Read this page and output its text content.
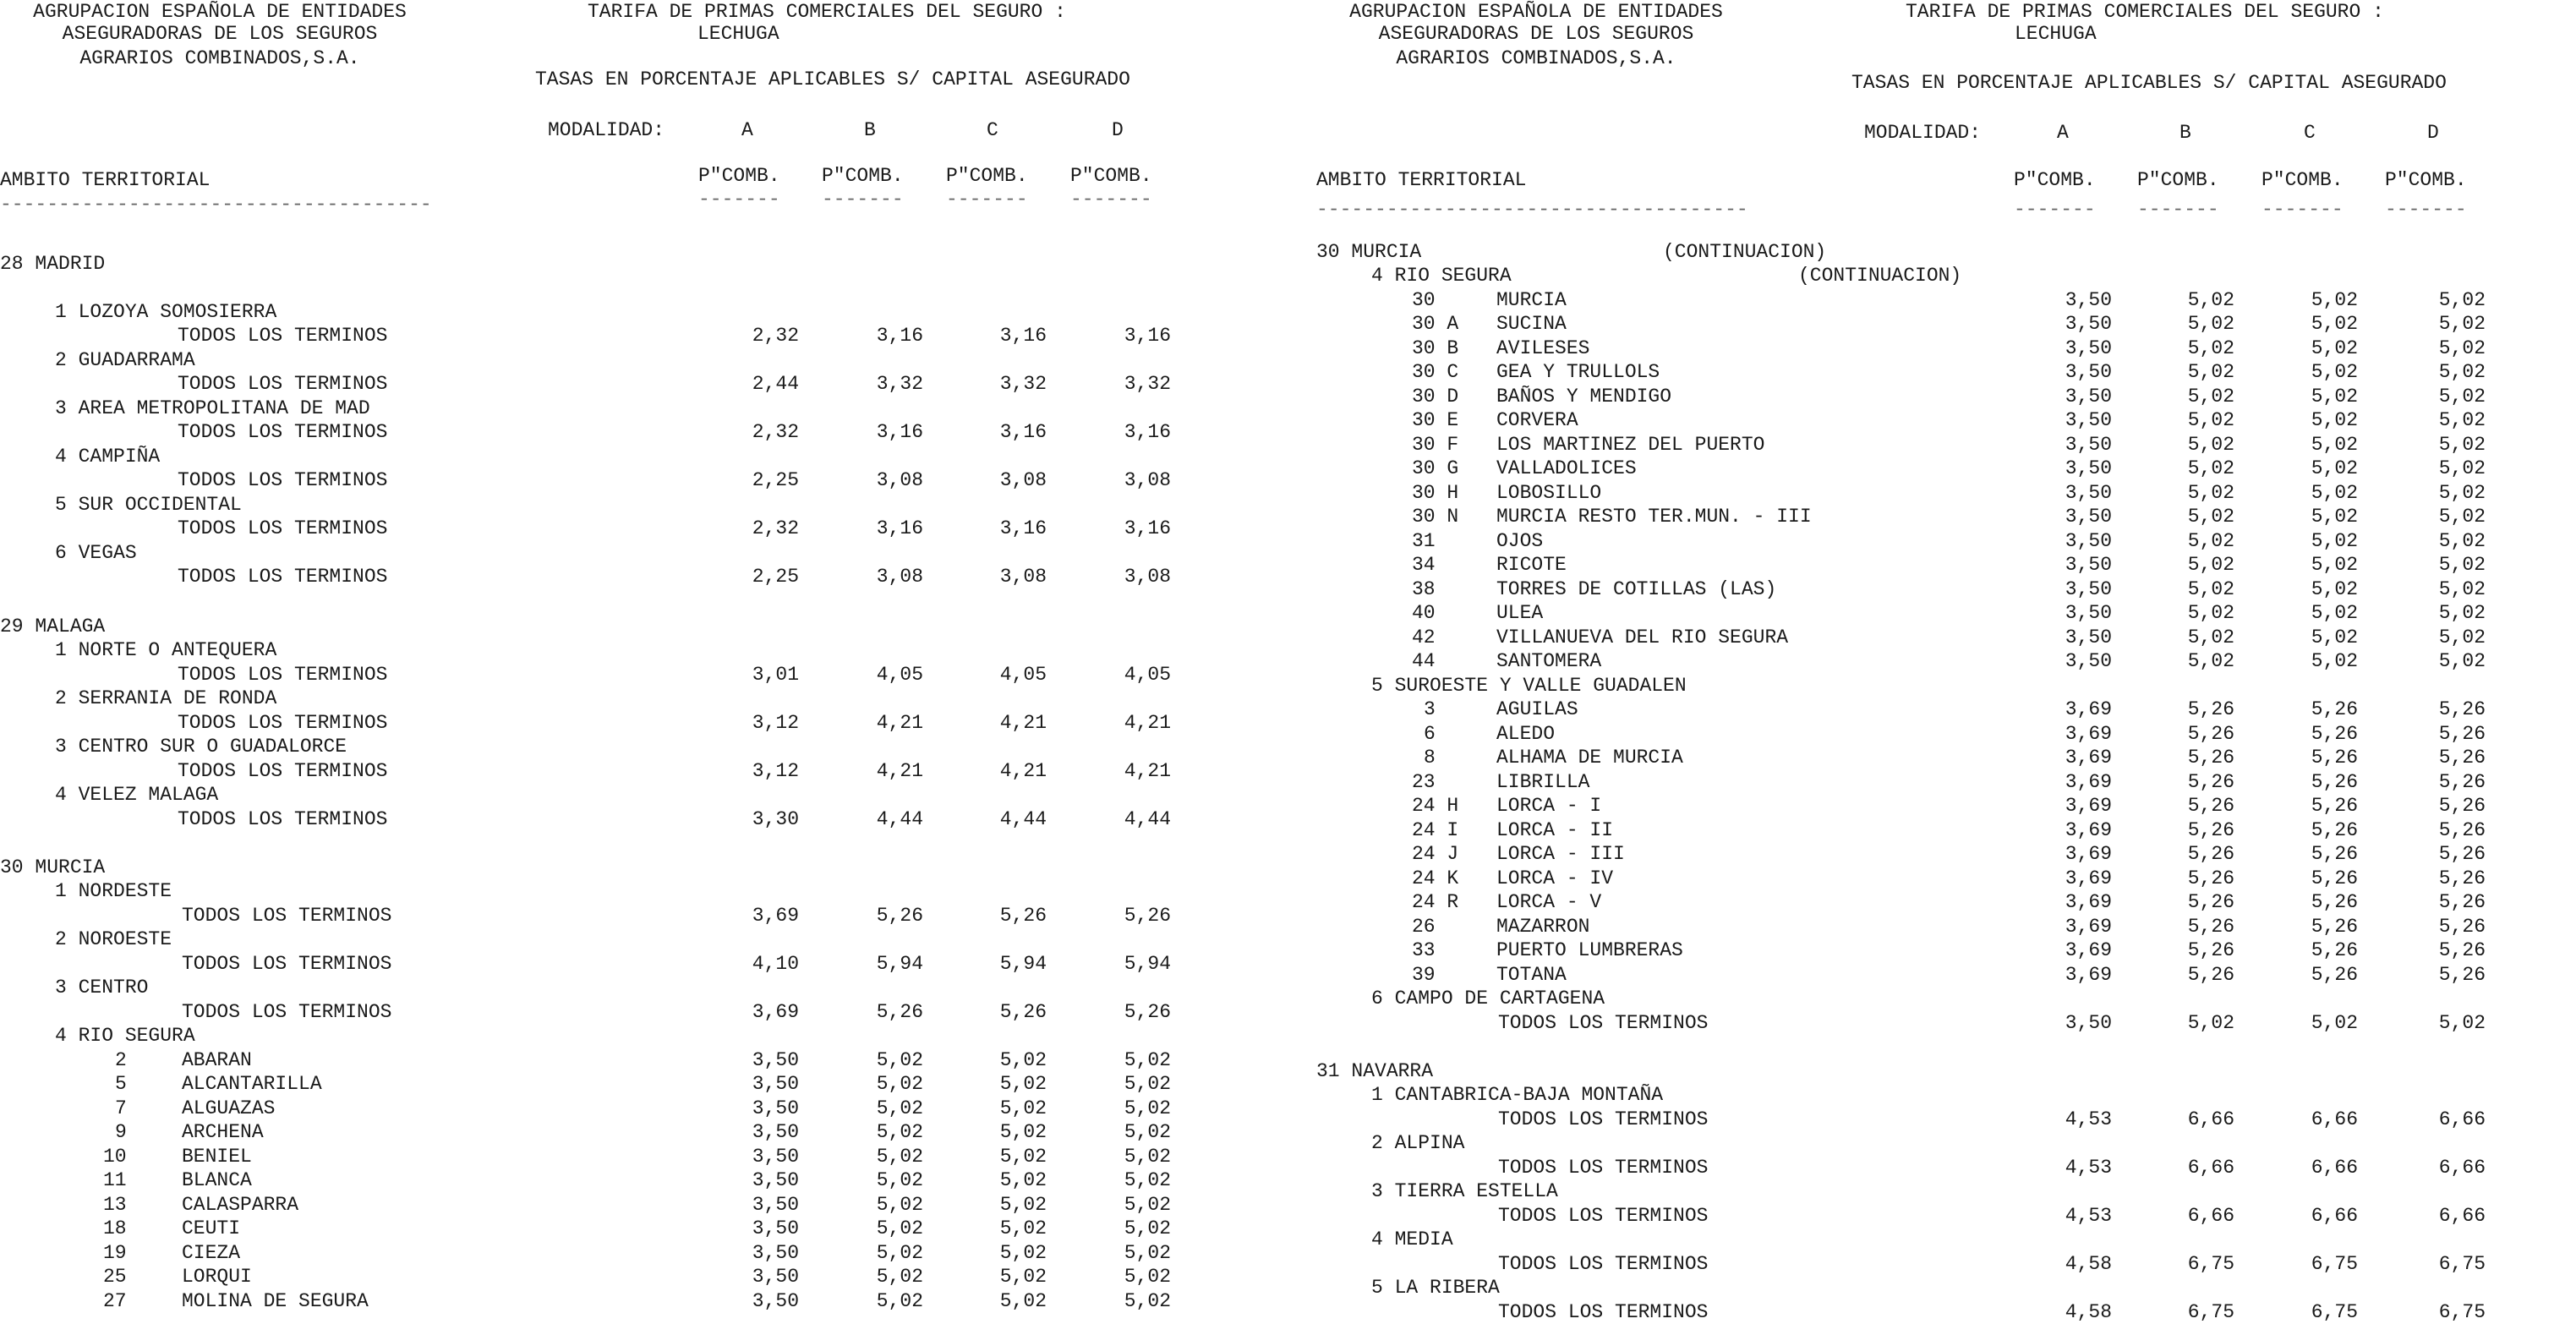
AGRUPACION ESPAÑOLA DE ENTIDADES
ASEGURADORAS DE LOS SEGUROS
AGRARIOS COMBINADOS,S.A.
TARIFA DE PRIMAS COMERCIALES DEL SEGURO :
LECHUGA
TASAS EN PORCENTAJE APLICABLES S/ CAPITAL ASEGURADO
MODALIDAD:	A	B	C	D
AMBITO TERRITORIAL	P"COMB. P"COMB. P"COMB. P"COMB.
-------------------------------------	------- ------- ------- -------
28 MADRID
1 LOZOYA SOMOSIERRA
TODOS LOS TERMINOS	2,32	3,16	3,16	3,16
2 GUADARRAMA
TODOS LOS TERMINOS	2,44	3,32	3,32	3,32
3 AREA METROPOLITANA DE MAD
TODOS LOS TERMINOS	2,32	3,16	3,16	3,16
4 CAMPIÑA
TODOS LOS TERMINOS	2,25	3,08	3,08	3,08
5 SUR OCCIDENTAL
TODOS LOS TERMINOS	2,32	3,16	3,16	3,16
6 VEGAS
TODOS LOS TERMINOS	2,25	3,08	3,08	3,08
29 MALAGA
1 NORTE O ANTEQUERA
TODOS LOS TERMINOS	3,01	4,05	4,05	4,05
2 SERRANIA DE RONDA
TODOS LOS TERMINOS	3,12	4,21	4,21	4,21
3 CENTRO SUR O GUADALORCE
TODOS LOS TERMINOS	3,12	4,21	4,21	4,21
4 VELEZ MALAGA
TODOS LOS TERMINOS	3,30	4,44	4,44	4,44
30 MURCIA
1 NORDESTE
TODOS LOS TERMINOS	3,69	5,26	5,26	5,26
2 NOROESTE
TODOS LOS TERMINOS	4,10	5,94	5,94	5,94
3 CENTRO
TODOS LOS TERMINOS	3,69	5,26	5,26	5,26
4 RIO SEGURA
2	ABARAN	3,50	5,02	5,02	5,02
5	ALCANTARILLA	3,50	5,02	5,02	5,02
7	ALGUAZAS	3,50	5,02	5,02	5,02
9	ARCHENA	3,50	5,02	5,02	5,02
10	BENIEL	3,50	5,02	5,02	5,02
11	BLANCA	3,50	5,02	5,02	5,02
13	CALASPARRA	3,50	5,02	5,02	5,02
18	CEUTI	3,50	5,02	5,02	5,02
19	CIEZA	3,50	5,02	5,02	5,02
25	LORQUI	3,50	5,02	5,02	5,02
27	MOLINA DE SEGURA	3,50	5,02	5,02	5,02
AGRUPACION ESPAÑOLA DE ENTIDADES
ASEGURADORAS DE LOS SEGUROS
AGRARIOS COMBINADOS,S.A.
TARIFA DE PRIMAS COMERCIALES DEL SEGURO :
LECHUGA
TASAS EN PORCENTAJE APLICABLES S/ CAPITAL ASEGURADO
MODALIDAD:	A	B	C	D
AMBITO TERRITORIAL	P"COMB. P"COMB. P"COMB. P"COMB.
-------------------------------------	------- ------- ------- -------
30 MURCIA	(CONTINUACION)
4 RIO SEGURA	(CONTINUACION)
30	MURCIA	3,50	5,02	5,02	5,02
30 A	SUCINA	3,50	5,02	5,02	5,02
30 B	AVILESES	3,50	5,02	5,02	5,02
30 C	GEA Y TRULLOLS	3,50	5,02	5,02	5,02
30 D	BAÑOS Y MENDIGO	3,50	5,02	5,02	5,02
30 E	CORVERA	3,50	5,02	5,02	5,02
30 F	LOS MARTINEZ DEL PUERTO	3,50	5,02	5,02	5,02
30 G	VALLADOLICES	3,50	5,02	5,02	5,02
30 H	LOBOSILLO	3,50	5,02	5,02	5,02
30 N	MURCIA RESTO TER.MUN. - III	3,50	5,02	5,02	5,02
31	OJOS	3,50	5,02	5,02	5,02
34	RICOTE	3,50	5,02	5,02	5,02
38	TORRES DE COTILLAS (LAS)	3,50	5,02	5,02	5,02
40	ULEA	3,50	5,02	5,02	5,02
42	VILLANUEVA DEL RIO SEGURA	3,50	5,02	5,02	5,02
44	SANTOMERA	3,50	5,02	5,02	5,02
5 SUROESTE Y VALLE GUADALEN
3	AGUILAS	3,69	5,26	5,26	5,26
6	ALEDO	3,69	5,26	5,26	5,26
8	ALHAMA DE MURCIA	3,69	5,26	5,26	5,26
23	LIBRILLA	3,69	5,26	5,26	5,26
24 H	LORCA - I	3,69	5,26	5,26	5,26
24 I	LORCA - II	3,69	5,26	5,26	5,26
24 J	LORCA - III	3,69	5,26	5,26	5,26
24 K	LORCA - IV	3,69	5,26	5,26	5,26
24 R	LORCA - V	3,69	5,26	5,26	5,26
26	MAZARRON	3,69	5,26	5,26	5,26
33	PUERTO LUMBRERAS	3,69	5,26	5,26	5,26
39	TOTANA	3,69	5,26	5,26	5,26
6 CAMPO DE CARTAGENA
TODOS LOS TERMINOS	3,50	5,02	5,02	5,02
31 NAVARRA
1 CANTABRICA-BAJA MONTAÑA
TODOS LOS TERMINOS	4,53	6,66	6,66	6,66
2 ALPINA
TODOS LOS TERMINOS	4,53	6,66	6,66	6,66
3 TIERRA ESTELLA
TODOS LOS TERMINOS	4,53	6,66	6,66	6,66
4 MEDIA
TODOS LOS TERMINOS	4,58	6,75	6,75	6,75
5 LA RIBERA
TODOS LOS TERMINOS	4,58	6,75	6,75	6,75
